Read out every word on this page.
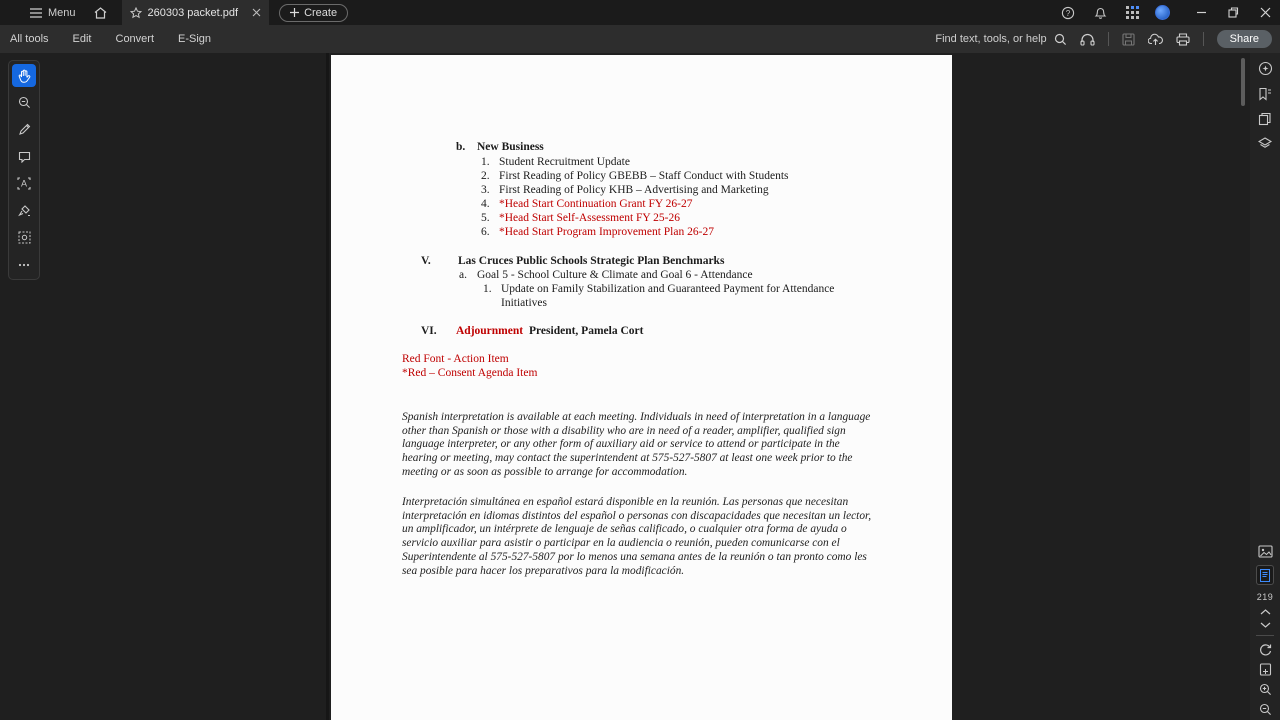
Menu	260303 packet.pdf	Create	?
All tools Edit Convert E-Sign	Find text, tools, or help	Share
b. New Business
1. Student Recruitment Update
2. First Reading of Policy GBEBB – Staff Conduct with Students
3. First Reading of Policy KHB – Advertising and Marketing
4. *Head Start Continuation Grant FY 26-27
5. *Head Start Self-Assessment FY 25-26
6. *Head Start Program Improvement Plan 26-27
V. Las Cruces Public Schools Strategic Plan Benchmarks
a. Goal 5 - School Culture & Climate and Goal 6 - Attendance
1. Update on Family Stabilization and Guaranteed Payment for Attendance
Initiatives
VI. Adjournment President, Pamela Cort
Red Font - Action Item
*Red – Consent Agenda Item
Spanish interpretation is available at each meeting. Individuals in need of interpretation in a language other than Spanish or those with a disability who are in need of a reader, amplifier, qualified sign language interpreter, or any other form of auxiliary aid or service to attend or participate in the hearing or meeting, may contact the superintendent at 575-527-5807 at least one week prior to the meeting or as soon as possible to arrange for accommodation.
Interpretación simultánea en español estará disponible en la reunión. Las personas que necesitan interpretación en idiomas distintos del español o personas con discapacidades que necesitan un lector, un amplificador, un intérprete de lenguaje de señas calificado, o cualquier otra forma de ayuda o servicio auxiliar para asistir o participar en la audiencia o reunión, pueden comunicarse con el Superintendente al 575-527-5807 por lo menos una semana antes de la reunión o tan pronto como les sea posible para hacer los preparativos para la modificación.
A
219
